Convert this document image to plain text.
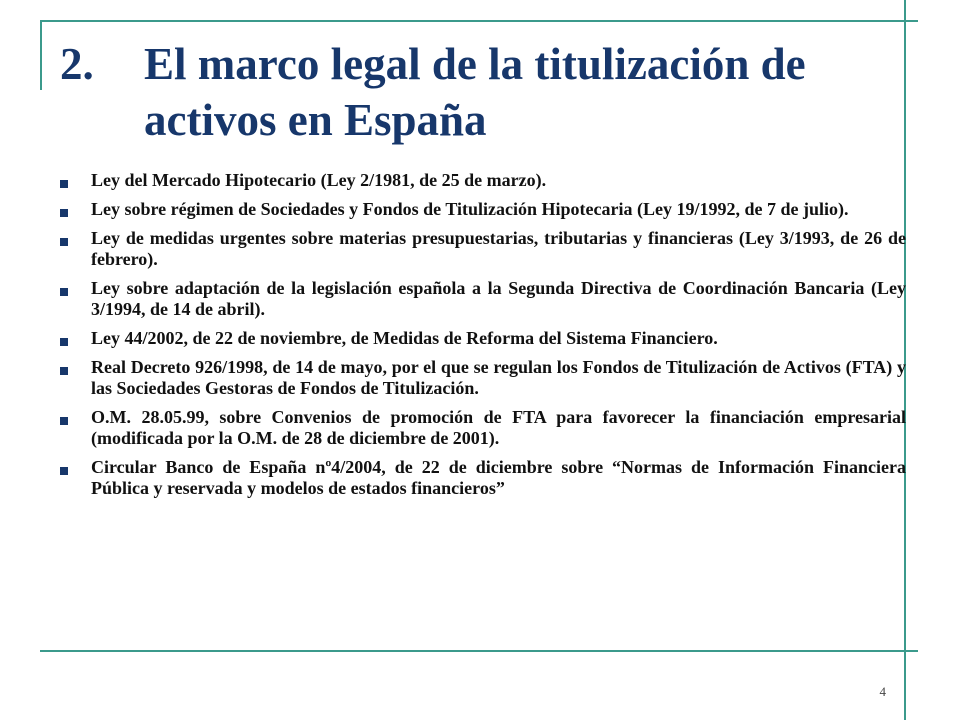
2.	El marco legal de la titulización de activos en España
Ley del Mercado Hipotecario (Ley 2/1981, de 25 de marzo).
Ley sobre régimen de Sociedades y Fondos de Titulización Hipotecaria (Ley 19/1992, de 7 de julio).
Ley de medidas urgentes sobre materias presupuestarias, tributarias y financieras (Ley 3/1993, de 26 de febrero).
Ley sobre adaptación de la legislación española a la Segunda Directiva de Coordinación Bancaria (Ley 3/1994, de 14 de abril).
Ley 44/2002, de 22 de noviembre, de Medidas de Reforma del Sistema Financiero.
Real Decreto 926/1998, de 14 de mayo, por el que se regulan los Fondos de Titulización de Activos (FTA) y las Sociedades Gestoras de Fondos de Titulización.
O.M. 28.05.99, sobre Convenios de promoción de FTA para favorecer la financiación empresarial (modificada por la O.M. de 28 de diciembre de 2001).
Circular Banco de España nº4/2004, de 22 de diciembre sobre “Normas de Información Financiera Pública y reservada y modelos de estados financieros”
4
